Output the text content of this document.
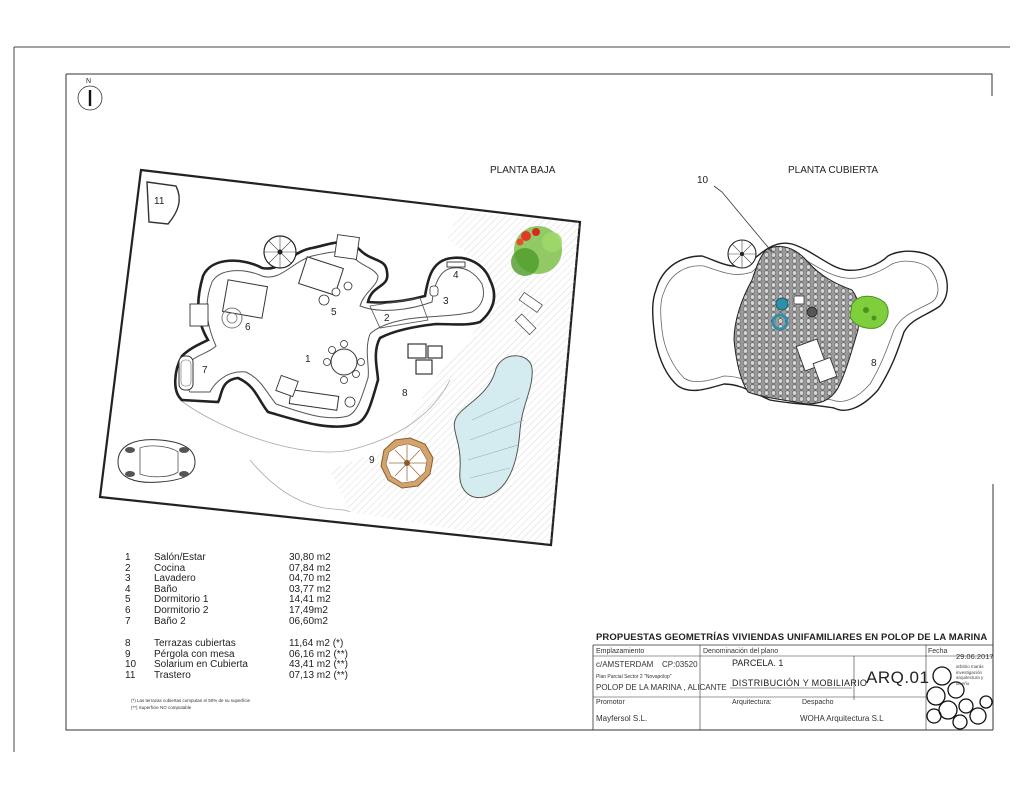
PLANTA BAJA	PLANTA CUBIERTA
N
1
2
3
4
5
6
7
8
9
11
8
10
1	Salón/Estar	30,80 m2
2	Cocina	07,84 m2
3	Lavadero	04,70 m2
4	Baño	03,77 m2
5	Dormitorio 1	14,41 m2
6	Dormitorio 2	17,49m2
7	Baño 2	06,60m2
8	Terrazas cubiertas	11,64 m2 (*)
9	Pérgola con mesa	06,16 m2 (**)
10	Solarium en Cubierta	43,41 m2 (**)
11	Trastero	07,13 m2 (**)
(*) Las terrazas cubiertas computan el 50% de su superficie
(**) Superficie NO computable
PROPUESTAS GEOMETRÍAS VIVIENDAS UNIFAMILIARES EN POLOP DE LA MARINA
Emplazamiento
c/AMSTERDAM CP:03520
Plan Parcial Sector 2 "Novapolop"
POLOP DE LA MARINA , ALICANTE
Promotor
Mayfersol S.L.
Denominación del plano
PARCELA. 1
DISTRIBUCIÓN Y MOBILIARIO
Arquitectura:	Despacho
WOHA Arquitectura S.L
Fecha
29.06.2017
ARQ.01
arbitrio marás investigación arquitectura y diseño
